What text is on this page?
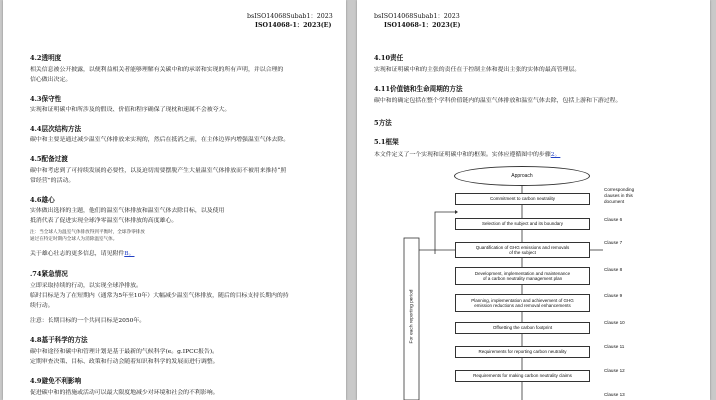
bsISO14068Subab1：2023
ISO14068-1：2023(E)
4.2透明度
相关信息被公开披露，以便利益相关者能够理解有关碳中和的承诺和实现的所有声明，并以合理的
信心做出决定。
4.3保守性
实现和证明碳中和所涉及的假设、价值和程序确保了现枕和速属不会被夸大。
4.4层次结构方法
碳中和主要是通过减少温室气体排放来实现的，然后在抵消之前，在主体边界内增强温室气体去除。
4.5配备过渡
碳中和考虑到了可持续发展的必要性，以及迫切需要摆脱产生大量温室气体排放而不被用来推持“照
常经营”的活动。
4.6雄心
实体做出选择的主题，他们的温室气体排放和温室气体去除目标，以及使用
抵消代表了促进实现全球净零温室气体排放的高度雄心。
注：当全球人为温室气体排放得到平衡时，全球净零排放
通过在特定时期内全球人为消除温室气体。
关于雄心壮志的更多信息，请见附件B。
.74紧急情况
立即采取持续的行动，以实现全球净排放。
临时目标是为了在短期内（通常为5年至10年）大幅减少温室气体排放，随后的目标支持长期内的持
续行动。
注意：长期目标的一个共同目标是2050年。
4.8基于科学的方法
碳中和途径和碳中和管理计划是基于最新的气候科学(e。g.IPCC报告)。
定期审查决策、目标、政策和行动会随着知识和科学的发展而进行调整。
4.9避免不利影响
促进碳中和的措施或活动可以最大限度地减少对环境和社会的不利影响。
bsISO14068Subab1：2023
ISO14068-1：2023(E)
4.10责任
实现和证明碳中和的主张的责任在于控制主体和提出主张的实体的最高管理层。
4.11价值链和生命周期的方法
碳中和的确定包括在整个学科价值链内的温室气体排放和温室气体去除，包括上游和下游过程。
5方法
5.1框架
本文件定义了一个实现和证明碳中和的框架。实体应遵循图中的步骤2。
Approach
Corresponding
clauses in this
document
For each reporting period
Commitment to carbon neutrality
Selection of the subject and its boundary
Clause 6
Quantification of GHG emissions and removals
of the subject
Clause 7
Development, implementation and maintenance
of a carbon neutrality management plan
Clause 8
Planning, implementation and achievement of GHG
emission reductions and removal enhancements
Clause 9
Offsetting the carbon footprint
Clause 10
Requirements for reporting carbon neutrality
Clause 11
Requirements for making carbon neutrality claims
Clause 12
Clause 13
